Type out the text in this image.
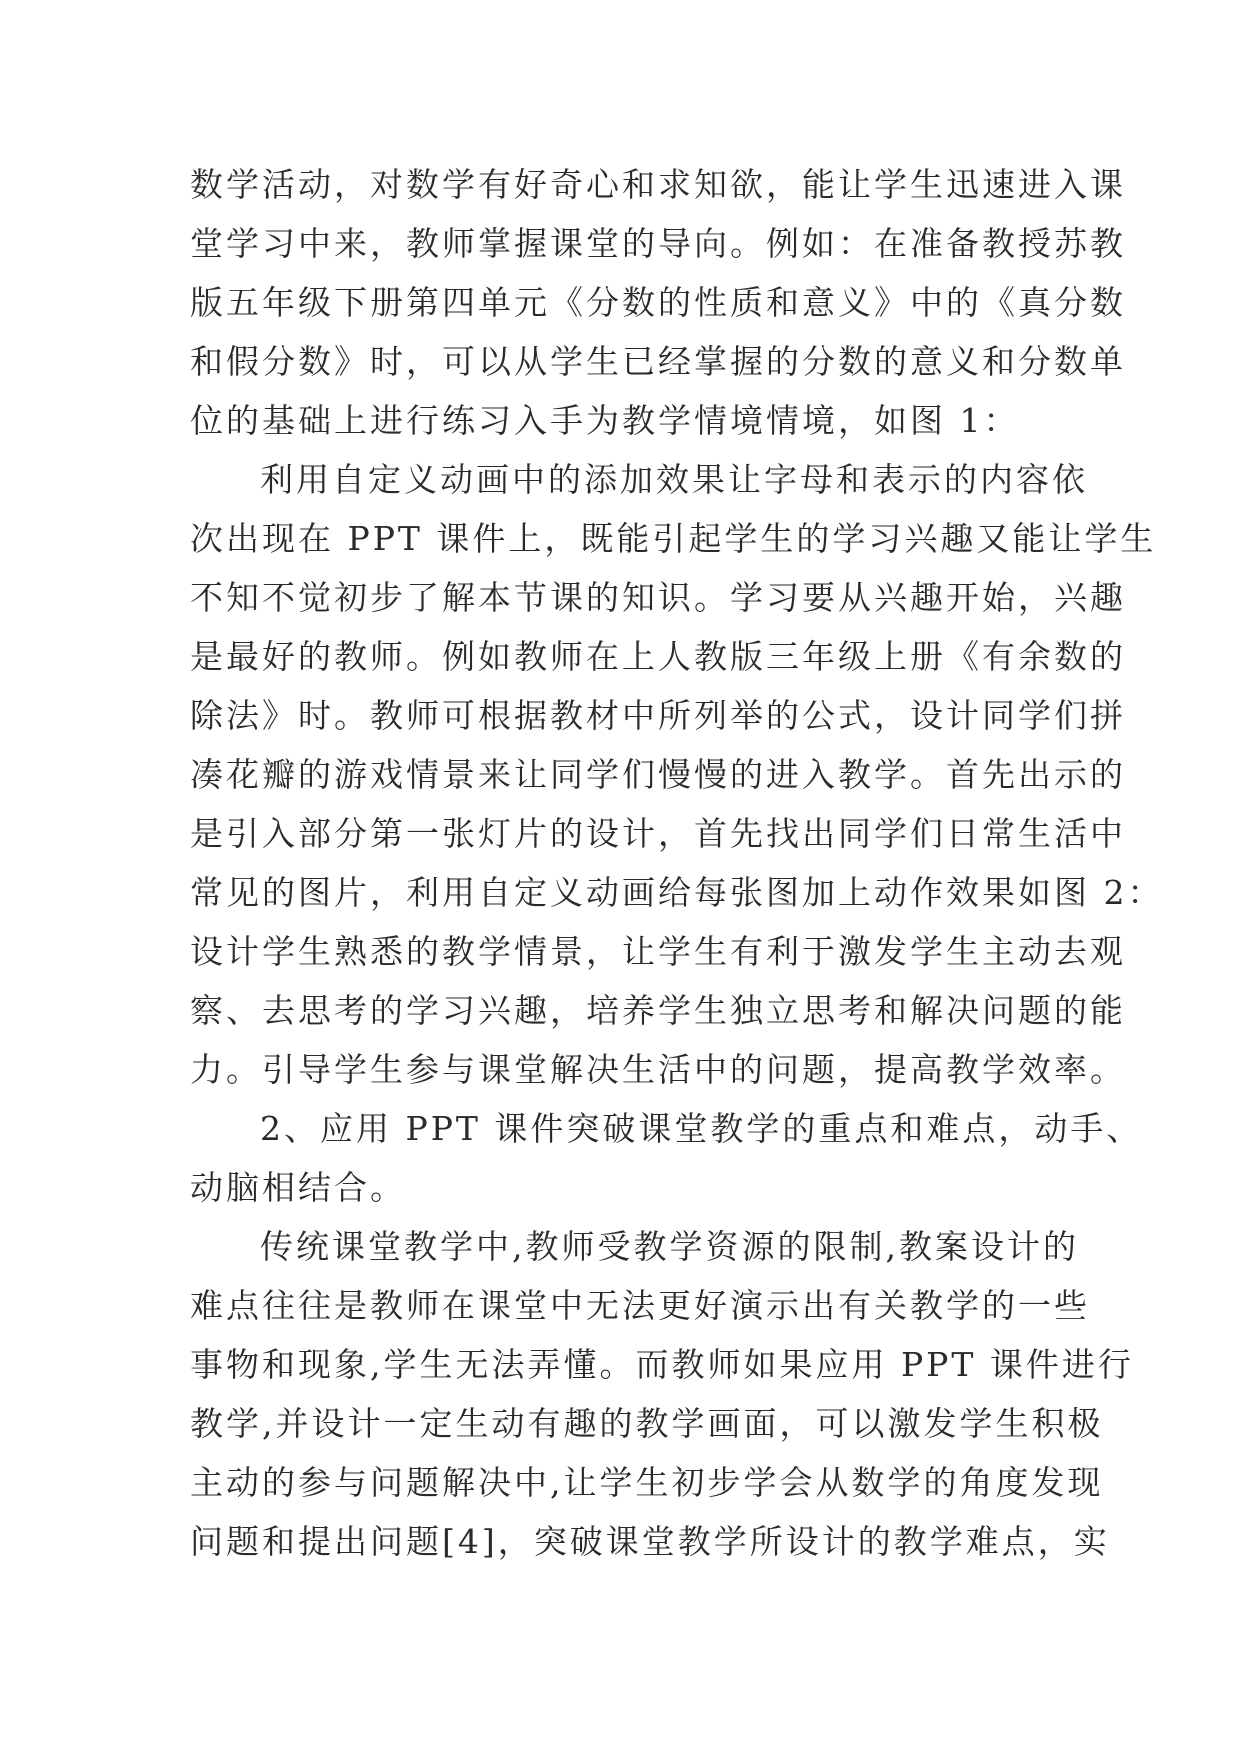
数学活动，对数学有好奇心和求知欲，能让学生迅速进入课
堂学习中来，教师掌握课堂的导向。例如：在准备教授苏教
版五年级下册第四单元《分数的性质和意义》中的《真分数
和假分数》时，可以从学生已经掌握的分数的意义和分数单
位的基础上进行练习入手为教学情境情境，如图 1：
利用自定义动画中的添加效果让字母和表示的内容依
次出现在 PPT 课件上，既能引起学生的学习兴趣又能让学生
不知不觉初步了解本节课的知识。学习要从兴趣开始，兴趣
是最好的教师。例如教师在上人教版三年级上册《有余数的
除法》时。教师可根据教材中所列举的公式，设计同学们拼
凑花瓣的游戏情景来让同学们慢慢的进入教学。首先出示的
是引入部分第一张灯片的设计，首先找出同学们日常生活中
常见的图片，利用自定义动画给每张图加上动作效果如图 2：
设计学生熟悉的教学情景，让学生有利于激发学生主动去观
察、去思考的学习兴趣，培养学生独立思考和解决问题的能
力。引导学生参与课堂解决生活中的问题，提高教学效率。
2、应用 PPT 课件突破课堂教学的重点和难点，动手、
动脑相结合。
传统课堂教学中,教师受教学资源的限制,教案设计的
难点往往是教师在课堂中无法更好演示出有关教学的一些
事物和现象,学生无法弄懂。而教师如果应用 PPT 课件进行
教学,并设计一定生动有趣的教学画面，可以激发学生积极
主动的参与问题解决中,让学生初步学会从数学的角度发现
问题和提出问题[4]，突破课堂教学所设计的教学难点，实
